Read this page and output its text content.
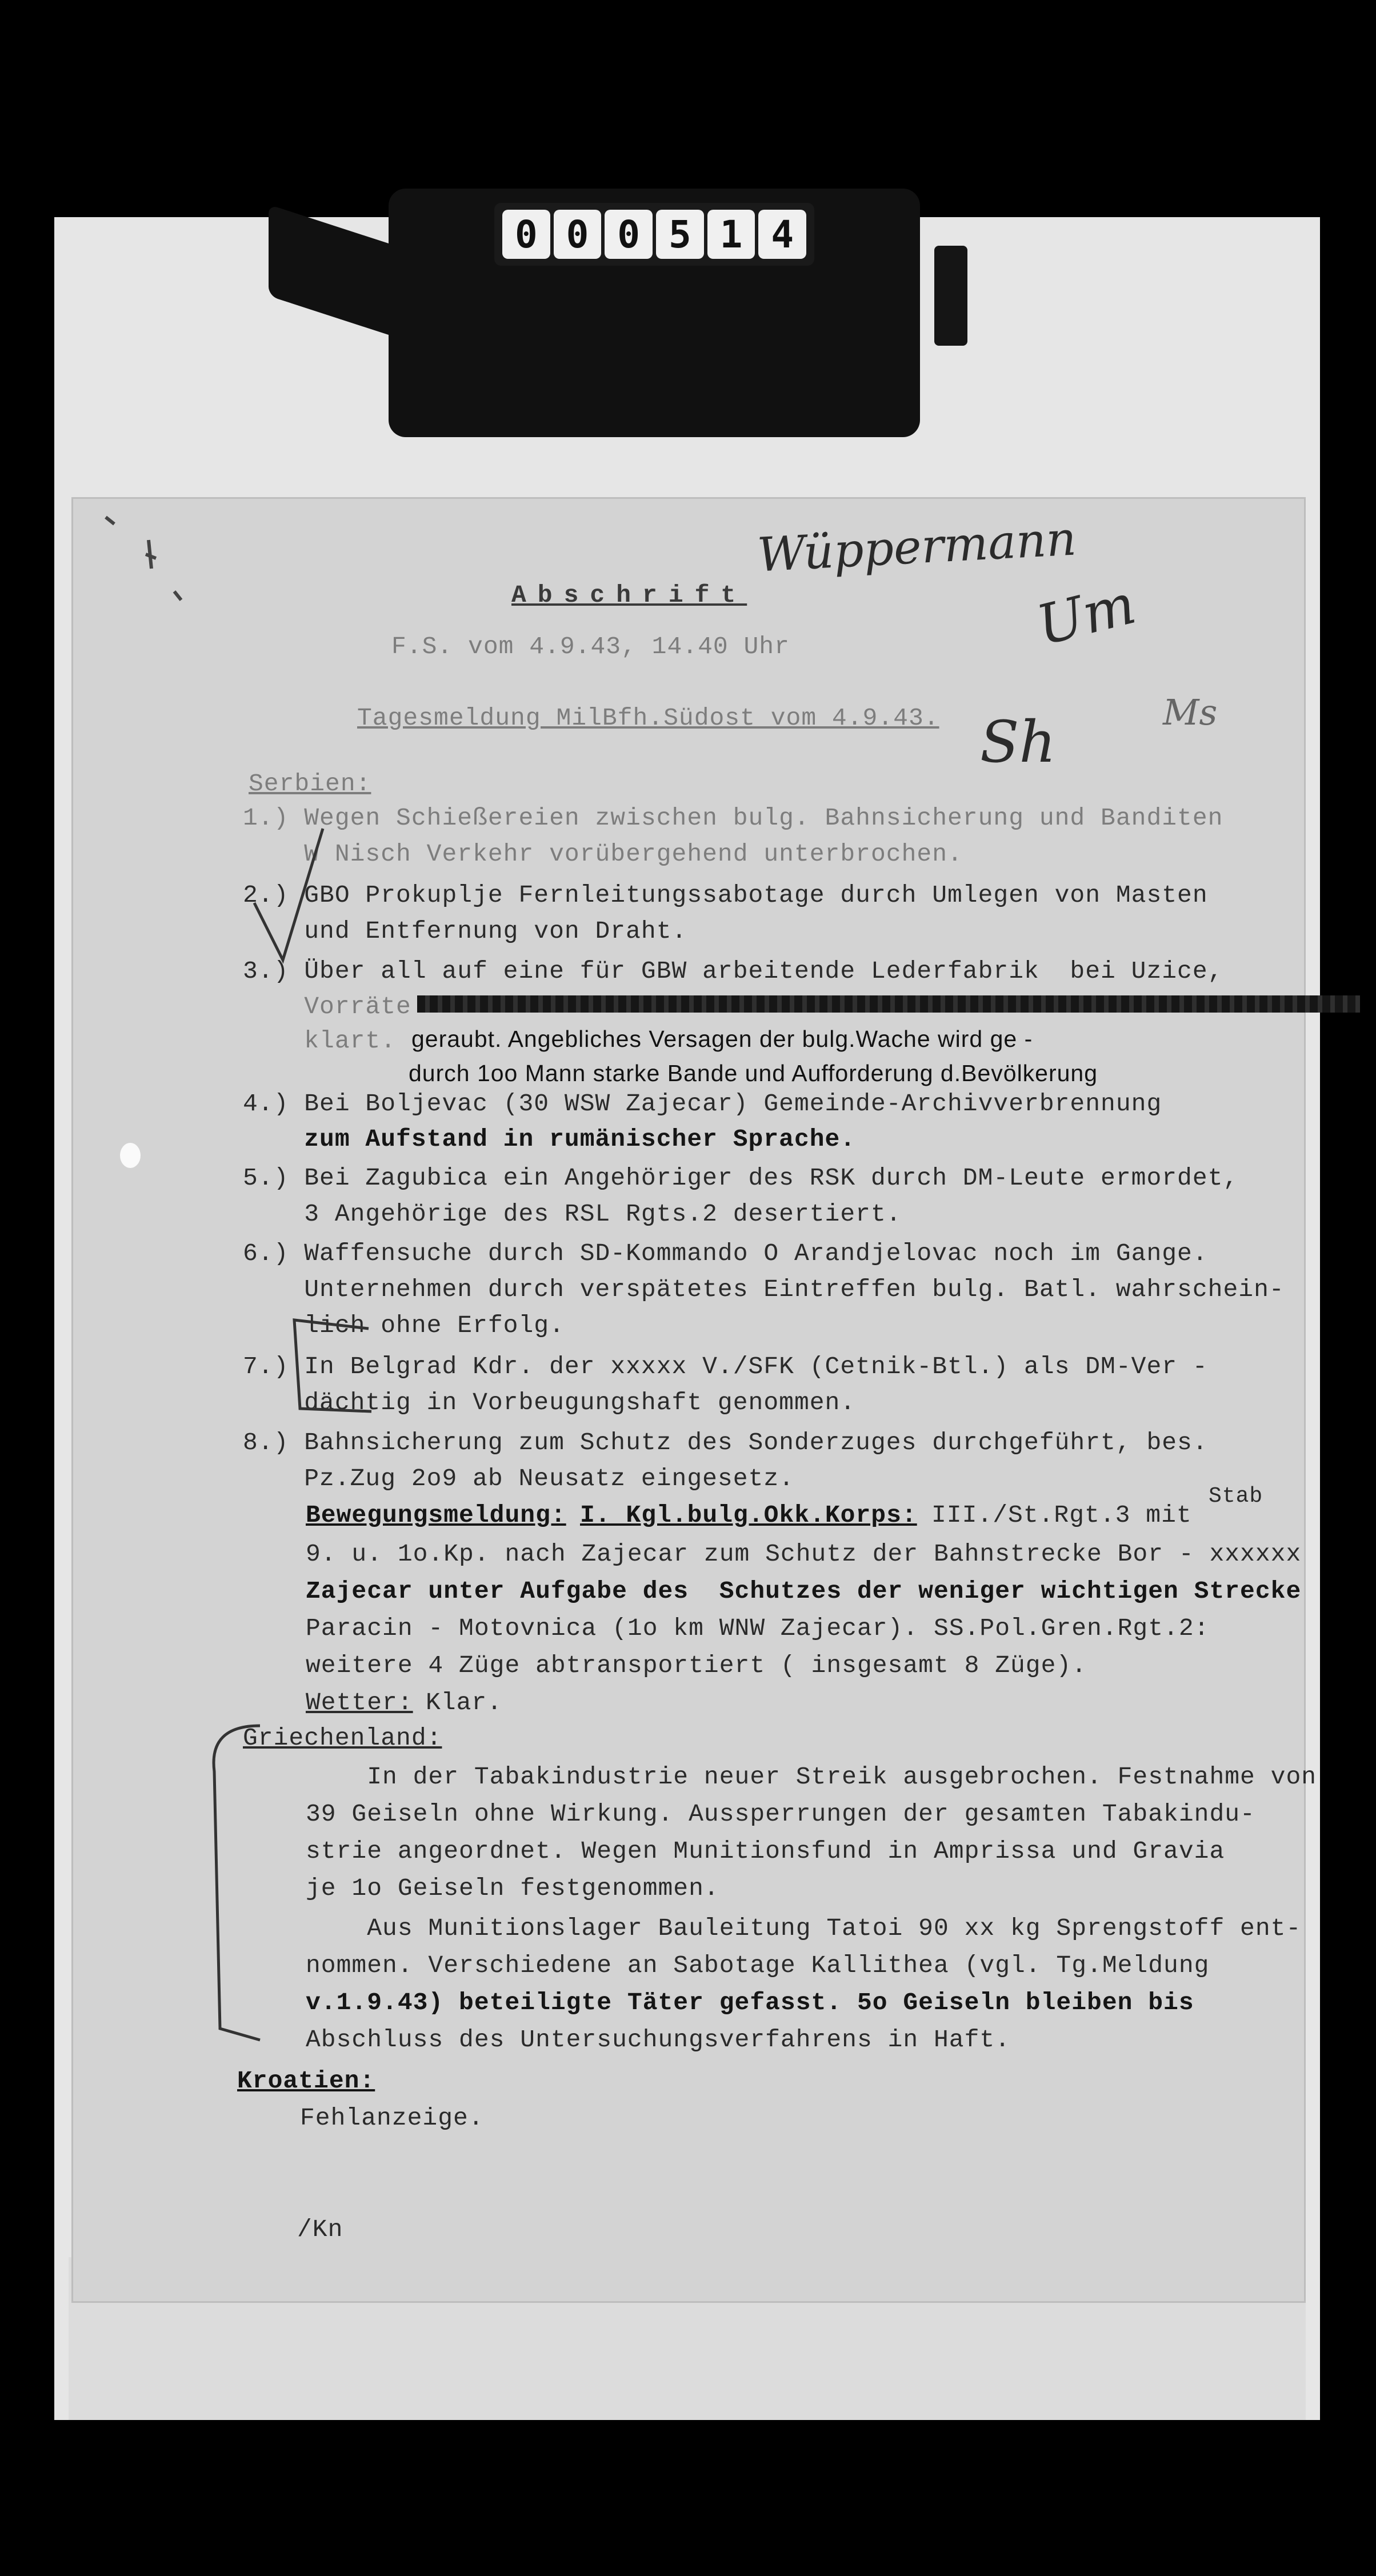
0 0 0 5 1 4
Wüppermann
Um
Sh	Ms
Abschrift
F.S. vom 4.9.43, 14.40 Uhr
Tagesmeldung MilBfh.Südost vom 4.9.43.
Serbien:
1.) Wegen Schießereien zwischen bulg. Bahnsicherung und Banditen
W Nisch Verkehr vorübergehend unterbrochen.
2.) GBO Prokuplje Fernleitungssabotage durch Umlegen von Masten
und Entfernung von Draht.
3.) Über all auf eine für GBW arbeitende Lederfabrik  bei Uzice,
Vorräte
klart. geraubt. Angebliches Versagen der bulg.Wache wird ge -
durch 1oo Mann starke Bande und Aufforderung d.Bevölkerung
4.) Bei Boljevac (30 WSW Zajecar) Gemeinde-Archivverbrennung
zum Aufstand in rumänischer Sprache.
5.) Bei Zagubica ein Angehöriger des RSK durch DM-Leute ermordet,
3 Angehörige des RSL Rgts.2 desertiert.
6.) Waffensuche durch SD-Kommando O Arandjelovac noch im Gange.
Unternehmen durch verspätetes Eintreffen bulg. Batl. wahrschein-
lich ohne Erfolg.
7.) In Belgrad Kdr. der xxxxx V./SFK (Cetnik-Btl.) als DM-Ver -
dächtig in Vorbeugungshaft genommen.
8.) Bahnsicherung zum Schutz des Sonderzuges durchgeführt, bes.
Pz.Zug 2o9 ab Neusatz eingesetz.
Bewegungsmeldung: I. Kgl.bulg.Okk.Korps: III./St.Rgt.3 mit
Stab
9. u. 1o.Kp. nach Zajecar zum Schutz der Bahnstrecke Bor - xxxxxx
Zajecar unter Aufgabe des  Schutzes der weniger wichtigen Strecke
Paracin - Motovnica (1o km WNW Zajecar). SS.Pol.Gren.Rgt.2:
weitere 4 Züge abtransportiert ( insgesamt 8 Züge).
Wetter: Klar.
Griechenland:
In der Tabakindustrie neuer Streik ausgebrochen. Festnahme von
39 Geiseln ohne Wirkung. Aussperrungen der gesamten Tabakindu-
strie angeordnet. Wegen Munitionsfund in Amprissa und Gravia
je 1o Geiseln festgenommen.
Aus Munitionslager Bauleitung Tatoi 90 xx kg Sprengstoff ent-
nommen. Verschiedene an Sabotage Kallithea (vgl. Tg.Meldung
v.1.9.43) beteiligte Täter gefasst. 5o Geiseln bleiben bis
Abschluss des Untersuchungsverfahrens in Haft.
Kroatien:
Fehlanzeige.
/Kn
